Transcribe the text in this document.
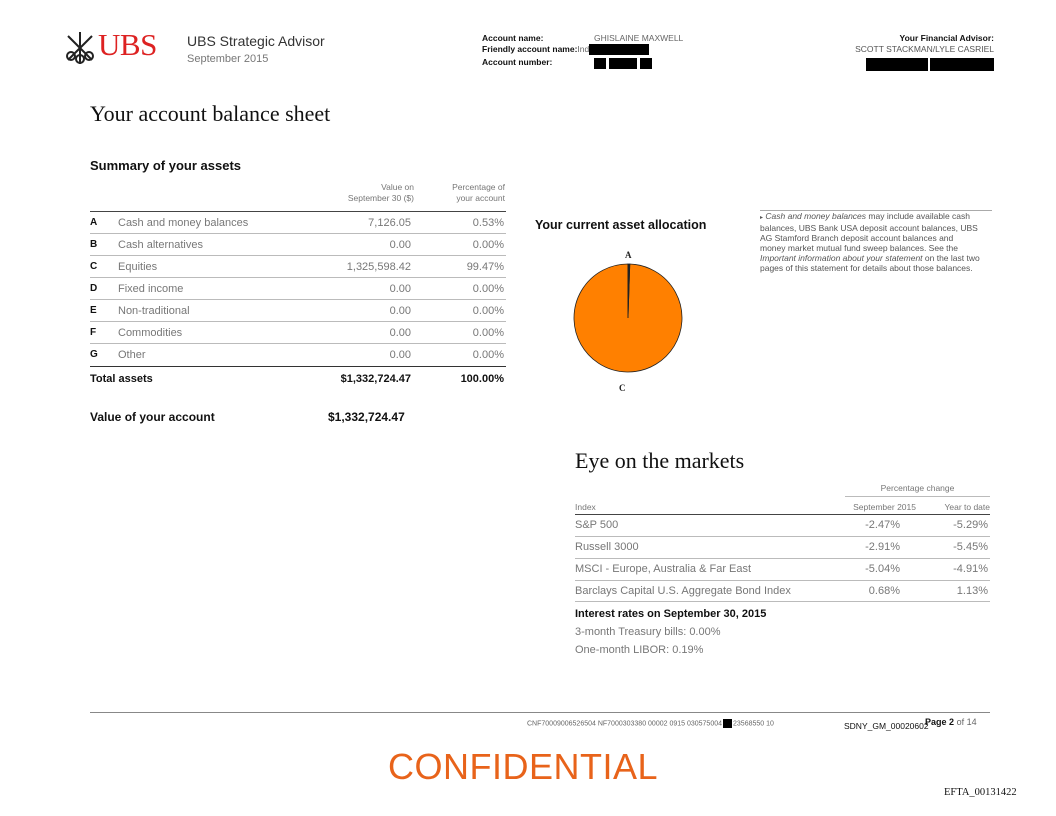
UBS UBS Strategic Advisor
September 2015
Account name:	GHISLAINE MAXWELL
Friendly account name:Ind
Account number:
Your Financial Advisor:
SCOTT STACKMAN/LYLE CASRIEL
Your account balance sheet
Summary of your assets
Value on
September 30 ($)
Percentage of
your account
A Cash and money balances	7,126.05	0.53%
B Cash alternatives	0.00	0.00%
C Equities	1,325,598.42	99.47%
D Fixed income	0.00	0.00%
E Non-traditional	0.00	0.00%
F Commodities	0.00	0.00%
G Other	0.00	0.00%
Total assets	$1,332,724.47	100.00%
Value of your account	$1,332,724.47
Your current asset allocation
A
C
▸ Cash and money balances may include available cash balances, UBS Bank USA deposit account balances, UBS AG Stamford Branch deposit account balances and money market mutual fund sweep balances. See the Important information about your statement on the last two pages of this statement for details about those balances.
Eye on the markets
Percentage change
Index	September 2015	Year to date
S&P 500	-2.47%	-5.29%
Russell 3000	-2.91%	-5.45%
MSCI - Europe, Australia & Far East	-5.04%	-4.91%
Barclays Capital U.S. Aggregate Bond Index	0.68%	1.13%
Interest rates on September 30, 2015
3-month Treasury bills: 0.00%
One-month LIBOR: 0.19%
CNF70009006526504 NF7000303380 00002 0915 030575004 23568550 10	SDNY_GM_00020602
Page 2 of 14
CONFIDENTIAL
EFTA_00131422
